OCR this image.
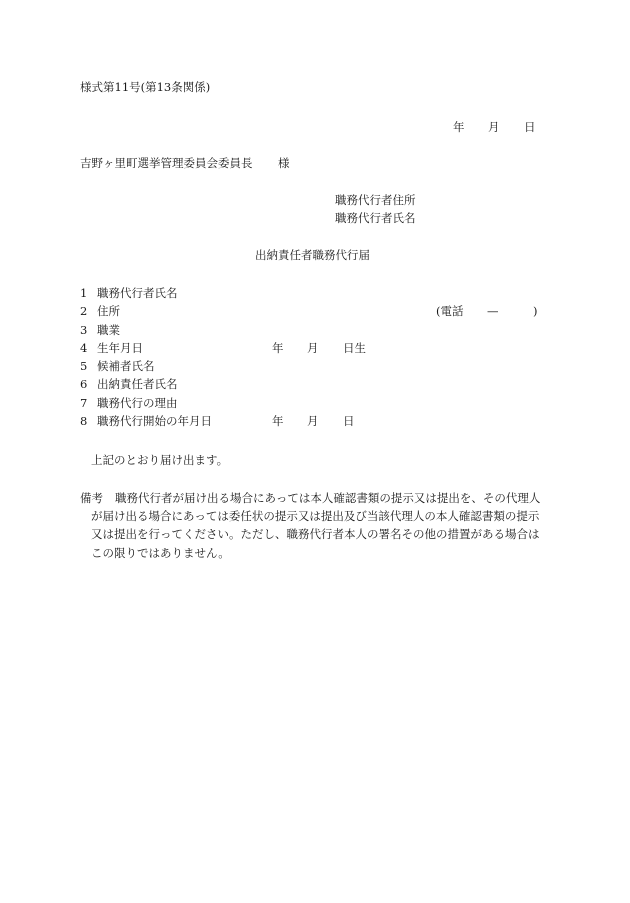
様式第11号(第13条関係)
年 月 日
吉野ヶ里町選挙管理委員会委員長 様
職務代行者住所
職務代行者氏名
出納責任者職務代行届
1 職務代行者氏名
2 住所	(電話 —	)
3 職業
4 生年月日	年 月 日生
5 候補者氏名
6 出納責任者氏名
7 職務代行の理由
8 職務代行開始の年月日	年 月 日
上記のとおり届け出ます。
備考 職務代行者が届け出る場合にあっては本人確認書類の提示又は提出を、その代理人
が届け出る場合にあっては委任状の提示又は提出及び当該代理人の本人確認書類の提示
又は提出を行ってください。ただし、職務代行者本人の署名その他の措置がある場合は
この限りではありません。
